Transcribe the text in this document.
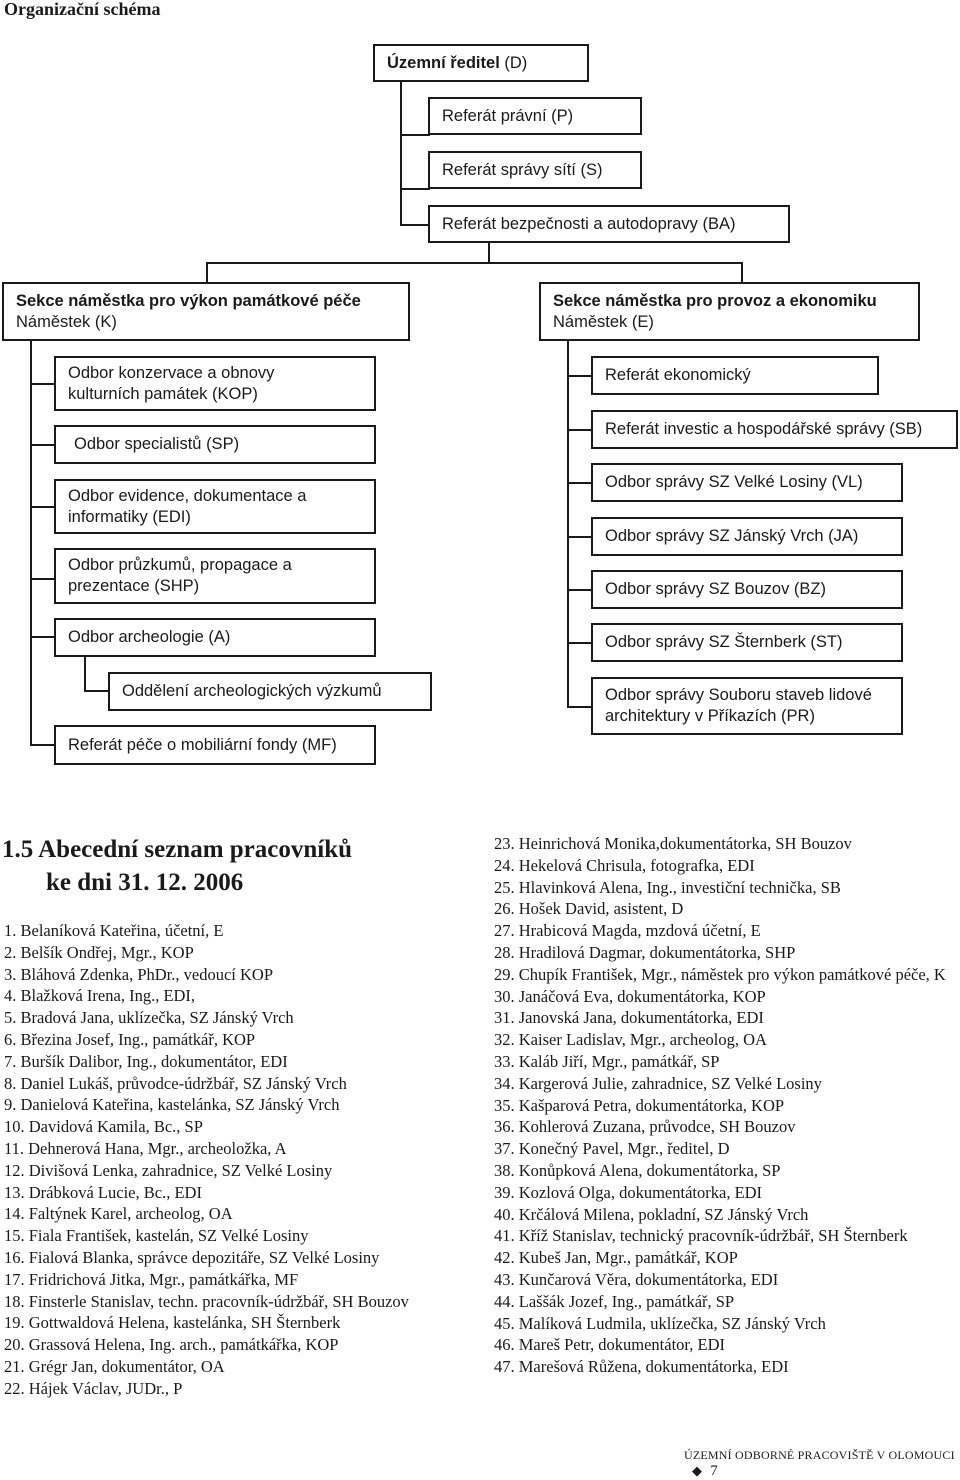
Organizační schéma
Územní ředitel (D)
Referát právní (P)
Referát správy sítí (S)
Referát bezpečnosti a autodopravy (BA)
Sekce náměstka pro výkon památkové péče
Náměstek (K)
Sekce náměstka pro provoz a ekonomiku
Náměstek (E)
Odbor konzervace a obnovy kulturních památek (KOP)
Odbor specialistů (SP)
Odbor evidence, dokumentace a informatiky (EDI)
Odbor průzkumů, propagace a prezentace (SHP)
Odbor archeologie (A)
Oddělení archeologických výzkumů
Referát péče o mobiliární fondy (MF)
Referát ekonomický
Referát investic a hospodářské správy (SB)
Odbor správy SZ Velké Losiny (VL)
Odbor správy SZ Jánský Vrch (JA)
Odbor správy SZ Bouzov (BZ)
Odbor správy SZ Šternberk (ST)
Odbor správy Souboru staveb lidové architektury v Příkazích (PR)
1.5 Abecední seznam pracovníků
ke dni 31. 12. 2006
1. Belaníková Kateřina, účetní, E
2. Belšík Ondřej, Mgr., KOP
3. Bláhová Zdenka, PhDr., vedoucí KOP
4. Blažková Irena, Ing., EDI,
5. Bradová Jana, uklízečka, SZ Jánský Vrch
6. Březina Josef, Ing., památkář, KOP
7. Buršík Dalibor, Ing., dokumentátor, EDI
8. Daniel Lukáš, průvodce-údržbář, SZ Jánský Vrch
9. Danielová Kateřina, kastelánka, SZ Jánský Vrch
10. Davidová Kamila, Bc., SP
11. Dehnerová Hana, Mgr., archeoložka, A
12. Divišová Lenka, zahradnice, SZ Velké Losiny
13. Drábková Lucie, Bc., EDI
14. Faltýnek Karel, archeolog, OA
15. Fiala František, kastelán, SZ Velké Losiny
16. Fialová Blanka, správce depozitáře, SZ Velké Losiny
17. Fridrichová Jitka, Mgr., památkářka, MF
18. Finsterle Stanislav, techn. pracovník-údržbář, SH Bouzov
19. Gottwaldová Helena, kastelánka, SH Šternberk
20. Grassová Helena, Ing. arch., památkářka, KOP
21. Grégr Jan, dokumentátor, OA
22. Hájek Václav, JUDr., P
23. Heinrichová Monika,dokumentátorka, SH Bouzov
24. Hekelová Chrisula, fotografka, EDI
25. Hlavinková Alena, Ing., investiční technička, SB
26. Hošek David, asistent, D
27. Hrabicová Magda, mzdová účetní, E
28. Hradilová Dagmar, dokumentátorka, SHP
29. Chupík František, Mgr., náměstek pro výkon památkové péče, K
30. Janáčová Eva, dokumentátorka, KOP
31. Janovská Jana, dokumentátorka, EDI
32. Kaiser Ladislav, Mgr., archeolog, OA
33. Kaláb Jiří, Mgr., památkář, SP
34. Kargerová Julie, zahradnice, SZ Velké Losiny
35. Kašparová Petra, dokumentátorka, KOP
36. Kohlerová Zuzana, průvodce, SH Bouzov
37. Konečný Pavel, Mgr., ředitel, D
38. Konůpková Alena, dokumentátorka, SP
39. Kozlová Olga, dokumentátorka, EDI
40. Krčálová Milena, pokladní, SZ Jánský Vrch
41. Kříž Stanislav, technický pracovník-údržbář, SH Šternberk
42. Kubeš Jan, Mgr., památkář, KOP
43. Kunčarová Věra, dokumentátorka, EDI
44. Laššák Jozef, Ing., památkář, SP
45. Malíková Ludmila, uklízečka, SZ Jánský Vrch
46. Mareš Petr, dokumentátor, EDI
47. Marešová Růžena, dokumentátorka, EDI
ÚZEMNÍ ODBORNÉ PRACOVIŠTĚ V OLOMOUCI◆ 7
